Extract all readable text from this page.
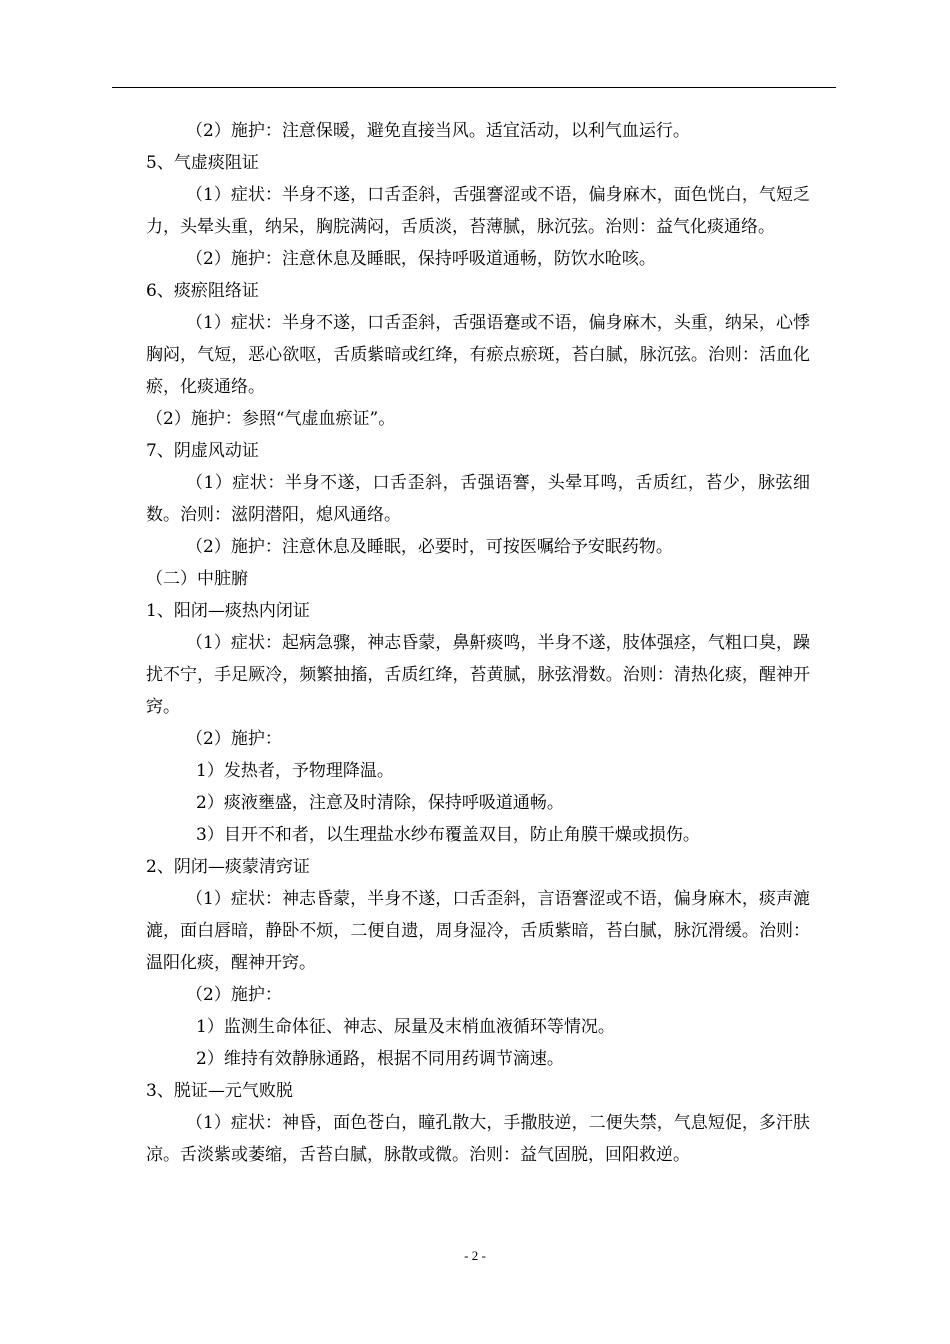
（2）施护：注意保暖，避免直接当风。适宜活动，以利气血运行。

5、气虚痰阻证

（1）症状：半身不遂，口舌歪斜，舌强謇涩或不语，偏身麻木，面色恍白，气短乏力，头晕头重，纳呆，胸脘满闷，舌质淡，苔薄腻，脉沉弦。治则：益气化痰通络。

（2）施护：注意休息及睡眠，保持呼吸道通畅，防饮水呛咳。

6、痰瘀阻络证

（1）症状：半身不遂，口舌歪斜，舌强语蹇或不语，偏身麻木，头重，纳呆，心悸胸闷，气短，恶心欲呕，舌质紫暗或红绛，有瘀点瘀斑，苔白腻，脉沉弦。治则：活血化瘀，化痰通络。

（2）施护：参照“气虚血瘀证”。

7、阴虚风动证

（1）症状：半身不遂，口舌歪斜，舌强语謇，头晕耳鸣，舌质红，苔少，脉弦细数。治则：滋阴潜阳，熄风通络。

（2）施护：注意休息及睡眠，必要时，可按医嘱给予安眠药物。

（二）中脏腑

1、阳闭—痰热内闭证

（1）症状：起病急骤，神志昏蒙，鼻鼾痰鸣，半身不遂，肢体强痉，气粗口臭，躁扰不宁，手足厥冷，频繁抽搐，舌质红绛，苔黄腻，脉弦滑数。治则：清热化痰，醒神开窍。

（2）施护：

1）发热者，予物理降温。

2）痰液壅盛，注意及时清除，保持呼吸道通畅。

3）目开不和者，以生理盐水纱布覆盖双目，防止角膜干燥或损伤。

2、阴闭—痰蒙清窍证

（1）症状：神志昏蒙，半身不遂，口舌歪斜，言语謇涩或不语，偏身麻木，痰声漉漉，面白唇暗，静卧不烦，二便自遗，周身湿冷，舌质紫暗，苔白腻，脉沉滑缓。治则：温阳化痰，醒神开窍。

（2）施护：

1）监测生命体征、神志、尿量及末梢血液循环等情况。

2）维持有效静脉通路，根据不同用药调节滴速。

3、脱证—元气败脱

（1）症状：神昏，面色苍白，瞳孔散大，手撒肢逆，二便失禁，气息短促，多汗肤凉。舌淡紫或萎缩，舌苔白腻，脉散或微。治则：益气固脱，回阳救逆。

- 2 -
